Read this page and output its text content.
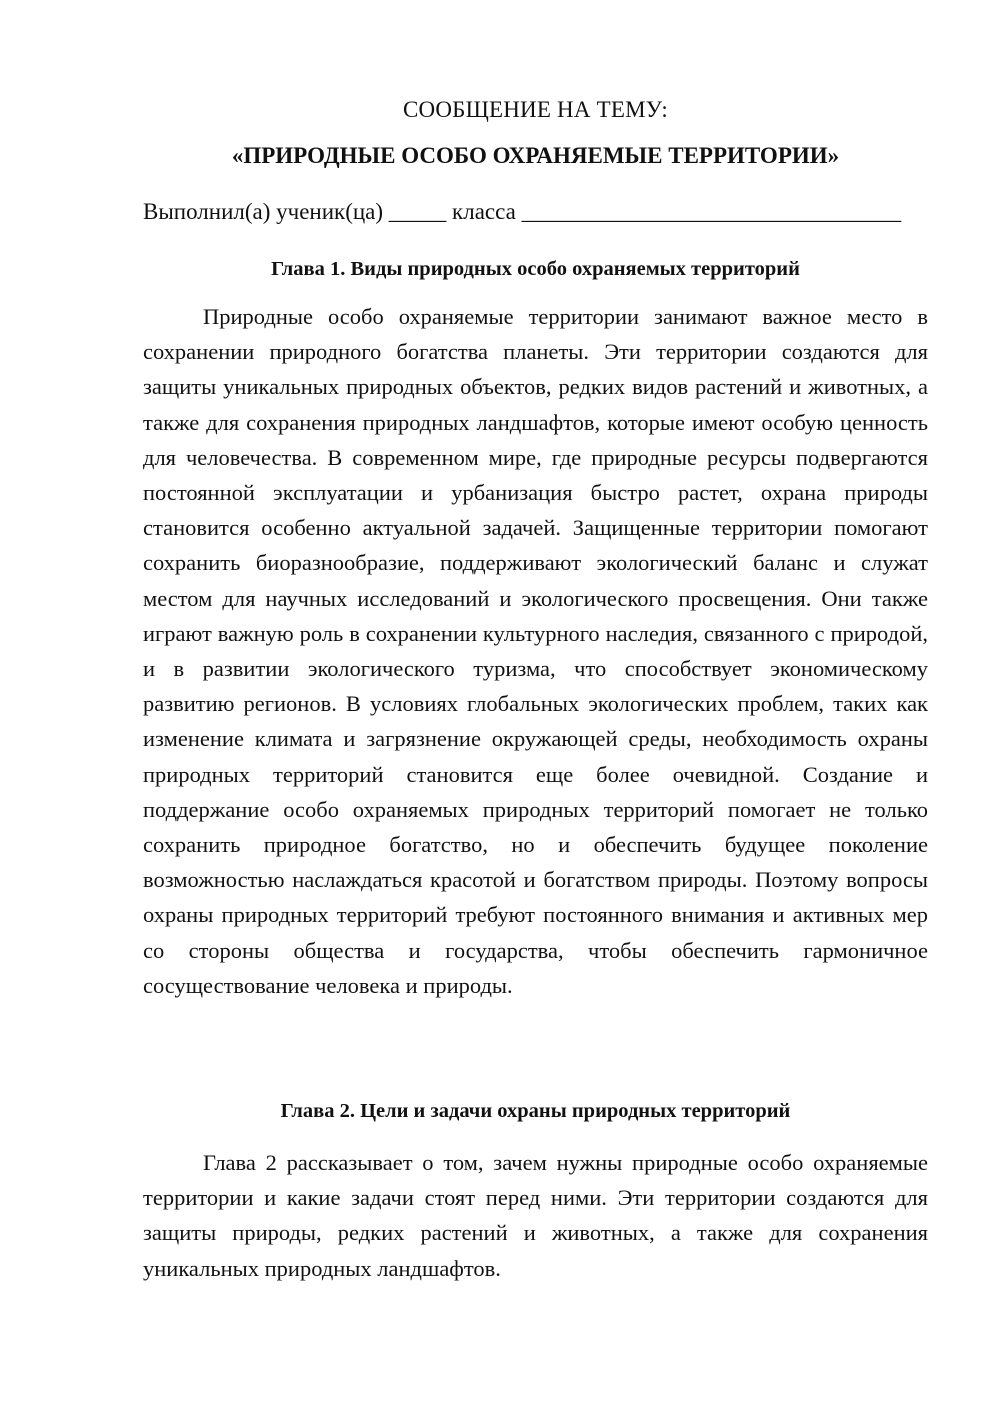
СООБЩЕНИЕ НА ТЕМУ:
«ПРИРОДНЫЕ ОСОБО ОХРАНЯЕМЫЕ ТЕРРИТОРИИ»
Выполнил(а) ученик(ца) _____ класса _________________________________
Глава 1. Виды природных особо охраняемых территорий

Природные особо охраняемые территории занимают важное место в сохранении природного богатства планеты. Эти территории создаются для защиты уникальных природных объектов, редких видов растений и животных, а также для сохранения природных ландшафтов, которые имеют особую ценность для человечества. В современном мире, где природные ресурсы подвергаются постоянной эксплуатации и урбанизация быстро растет, охрана природы становится особенно актуальной задачей. Защищенные территории помогают сохранить биоразнообразие, поддерживают экологический баланс и служат местом для научных исследований и экологического просвещения. Они также играют важную роль в сохранении культурного наследия, связанного с природой, и в развитии экологического туризма, что способствует экономическому развитию регионов. В условиях глобальных экологических проблем, таких как изменение климата и загрязнение окружающей среды, необходимость охраны природных территорий становится еще более очевидной. Создание и поддержание особо охраняемых природных территорий помогает не только сохранить природное богатство, но и обеспечить будущее поколение возможностью наслаждаться красотой и богатством природы. Поэтому вопросы охраны природных территорий требуют постоянного внимания и активных мер со стороны общества и государства, чтобы обеспечить гармоничное сосуществование человека и природы.

Глава 2. Цели и задачи охраны природных территорий

Глава 2 рассказывает о том, зачем нужны природные особо охраняемые территории и какие задачи стоят перед ними. Эти территории создаются для защиты природы, редких растений и животных, а также для сохранения уникальных природных ландшафтов.
